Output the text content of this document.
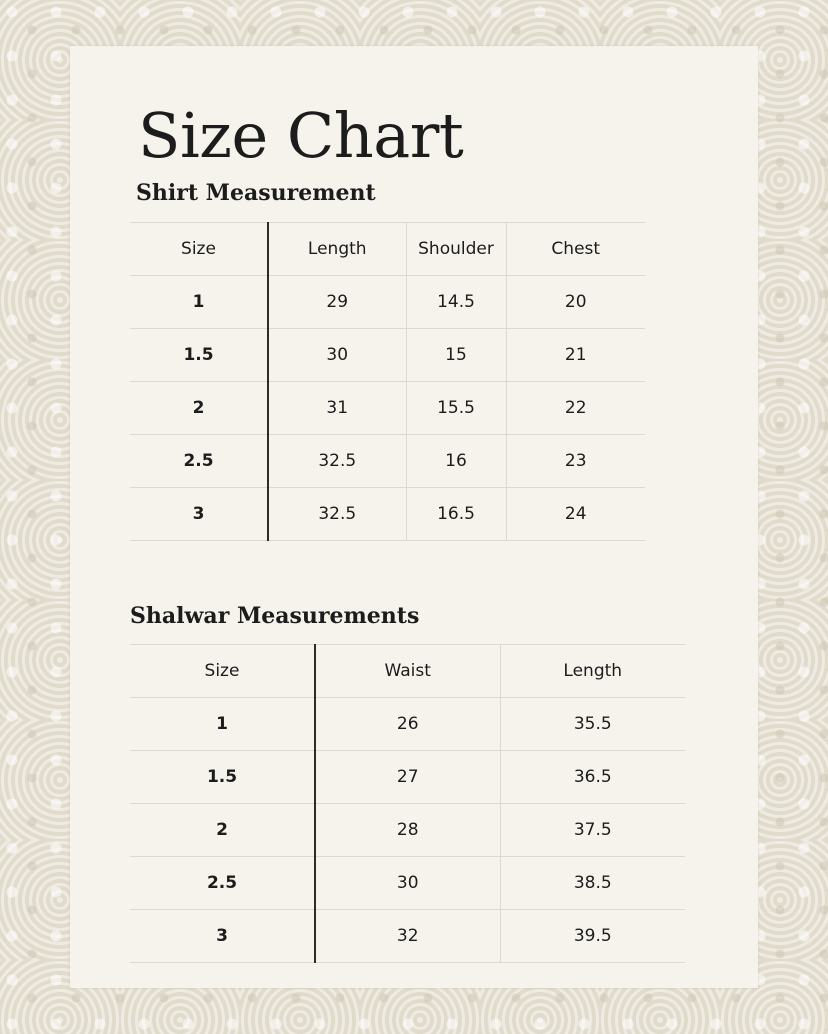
Size Chart
Shirt Measurement
Size	Length	Shoulder	Chest
1	29	14.5	20
1.5	30	15	21
2	31	15.5	22
2.5	32.5	16	23
3	32.5	16.5	24
Shalwar Measurements
Size	Waist	Length
1	26	35.5
1.5	27	36.5
2	28	37.5
2.5	30	38.5
3	32	39.5
